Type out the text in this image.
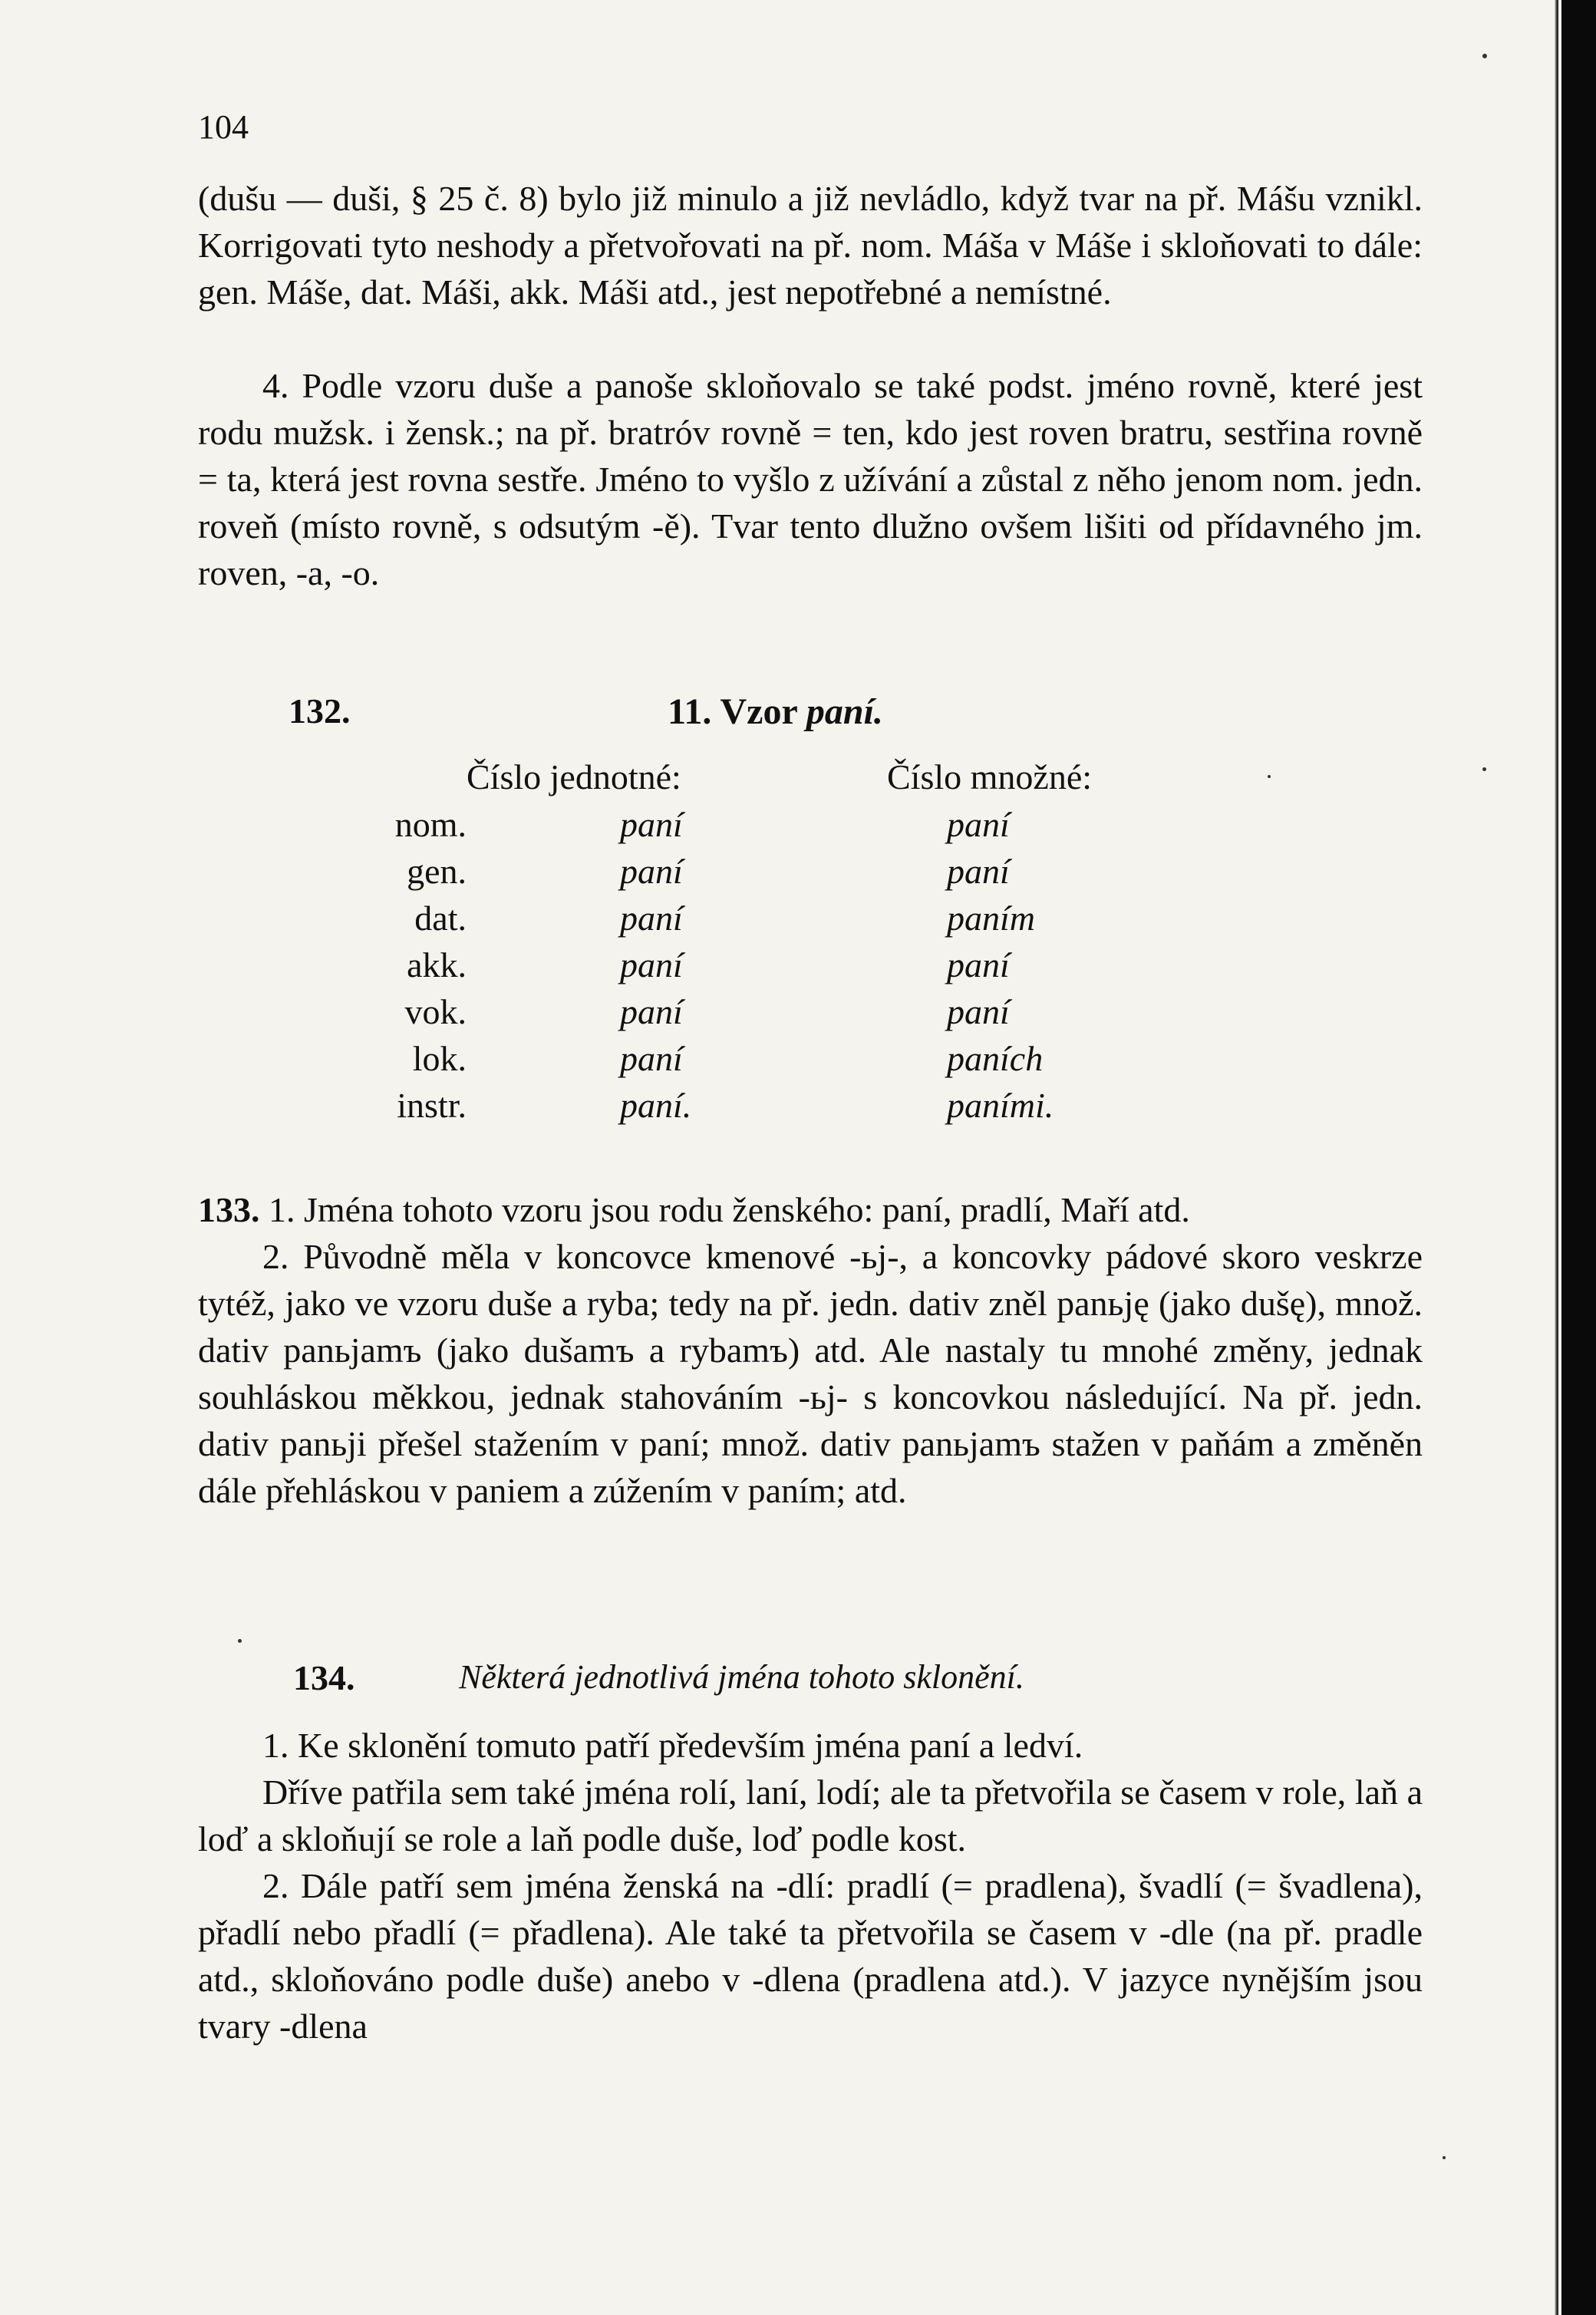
104

(dušu — duši, § 25 č. 8) bylo již minulo a již nevládlo, když tvar na př. Mášu vznikl. Korrigovati tyto neshody a přetvořovati na př. nom. Máša v Máše i skloňovati to dále: gen. Máše, dat. Máši, akk. Máši atd., jest nepotřebné a nemístné.

4. Podle vzoru duše a panoše skloňovalo se také podst. jméno rovně, které jest rodu mužsk. i žensk.; na př. bratróv rovně = ten, kdo jest roven bratru, sestřina rovně = ta, která jest rovna sestře. Jméno to vyšlo z užívání a zůstal z něho jenom nom. jedn. roveň (místo rovně, s odsutým -ě). Tvar tento dlužno ovšem lišiti od přídavného jm. roven, -a, -o.

132.	11. Vzor paní.
Číslo jednotné:	Číslo množné:
nom.	paní	paní
gen.	paní	paní
dat.	paní	paním
akk.	paní	paní
vok.	paní	paní
lok.	paní	paních
instr.	paní.	paními.

133. 1. Jména tohoto vzoru jsou rodu ženského: paní, pradlí, Maří atd.

2. Původně měla v koncovce kmenové -ьj-, a koncovky pádové skoro veskrze tytéž, jako ve vzoru duše a ryba; tedy na př. jedn. dativ zněl panьję (jako dušę), množ. dativ panьjamъ (jako dušamъ a rybamъ) atd. Ale nastaly tu mnohé změny, jednak souhláskou měkkou, jednak stahováním -ьj- s koncovkou následující. Na př. jedn. dativ panьji přešel stažením v paní; množ. dativ panьjamъ stažen v paňám a změněn dále přehláskou v paniem a zúžením v paním; atd.

134.	Některá jednotlivá jména tohoto sklonění.

1. Ke sklonění tomuto patří především jména paní a ledví.

Dříve patřila sem také jména rolí, laní, lodí; ale ta přetvořila se časem v role, laň a loď a skloňují se role a laň podle duše, loď podle kost.

2. Dále patří sem jména ženská na -dlí: pradlí (= pradlena), švadlí (= švadlena), přadlí nebo přadlí (= přadlena). Ale také ta přetvořila se časem v -dle (na př. pradle atd., skloňováno podle duše) anebo v -dlena (pradlena atd.). V jazyce nynějším jsou tvary -dlena
